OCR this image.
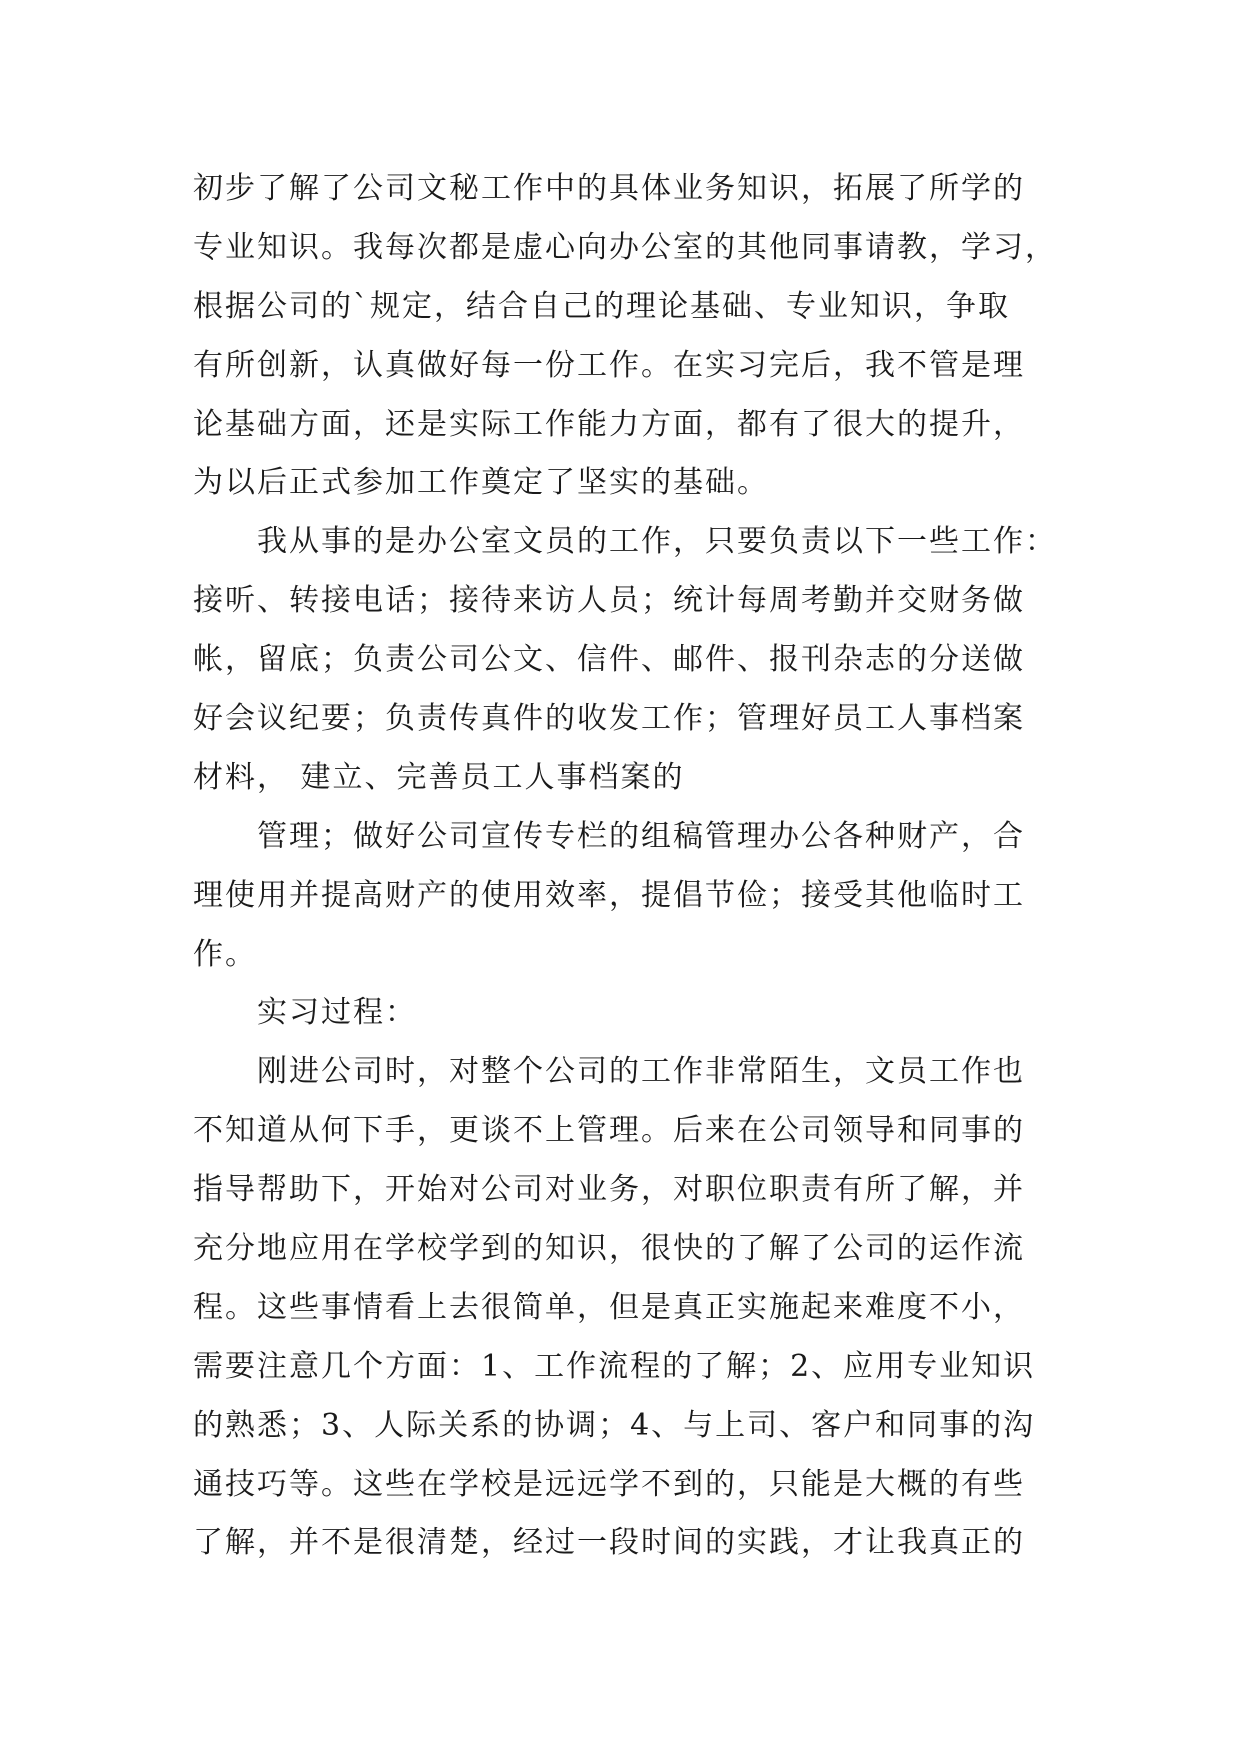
初步了解了公司文秘工作中的具体业务知识，拓展了所学的
专业知识。我每次都是虚心向办公室的其他同事请教，学习，
根据公司的`规定，结合自己的理论基础、专业知识，争取
有所创新，认真做好每一份工作。在实习完后，我不管是理
论基础方面，还是实际工作能力方面，都有了很大的提升，
为以后正式参加工作奠定了坚实的基础。

我从事的是办公室文员的工作，只要负责以下一些工作：
接听、转接电话；接待来访人员；统计每周考勤并交财务做
帐，留底；负责公司公文、信件、邮件、报刊杂志的分送做
好会议纪要；负责传真件的收发工作；管理好员工人事档案
材料， 建立、完善员工人事档案的

管理；做好公司宣传专栏的组稿管理办公各种财产，合
理使用并提高财产的使用效率，提倡节俭；接受其他临时工
作。

实习过程：

刚进公司时，对整个公司的工作非常陌生，文员工作也
不知道从何下手，更谈不上管理。后来在公司领导和同事的
指导帮助下，开始对公司对业务，对职位职责有所了解，并
充分地应用在学校学到的知识，很快的了解了公司的运作流
程。这些事情看上去很简单，但是真正实施起来难度不小，
需要注意几个方面：1、工作流程的了解；2、应用专业知识
的熟悉；3、人际关系的协调；4、与上司、客户和同事的沟
通技巧等。这些在学校是远远学不到的，只能是大概的有些
了解，并不是很清楚，经过一段时间的实践，才让我真正的
